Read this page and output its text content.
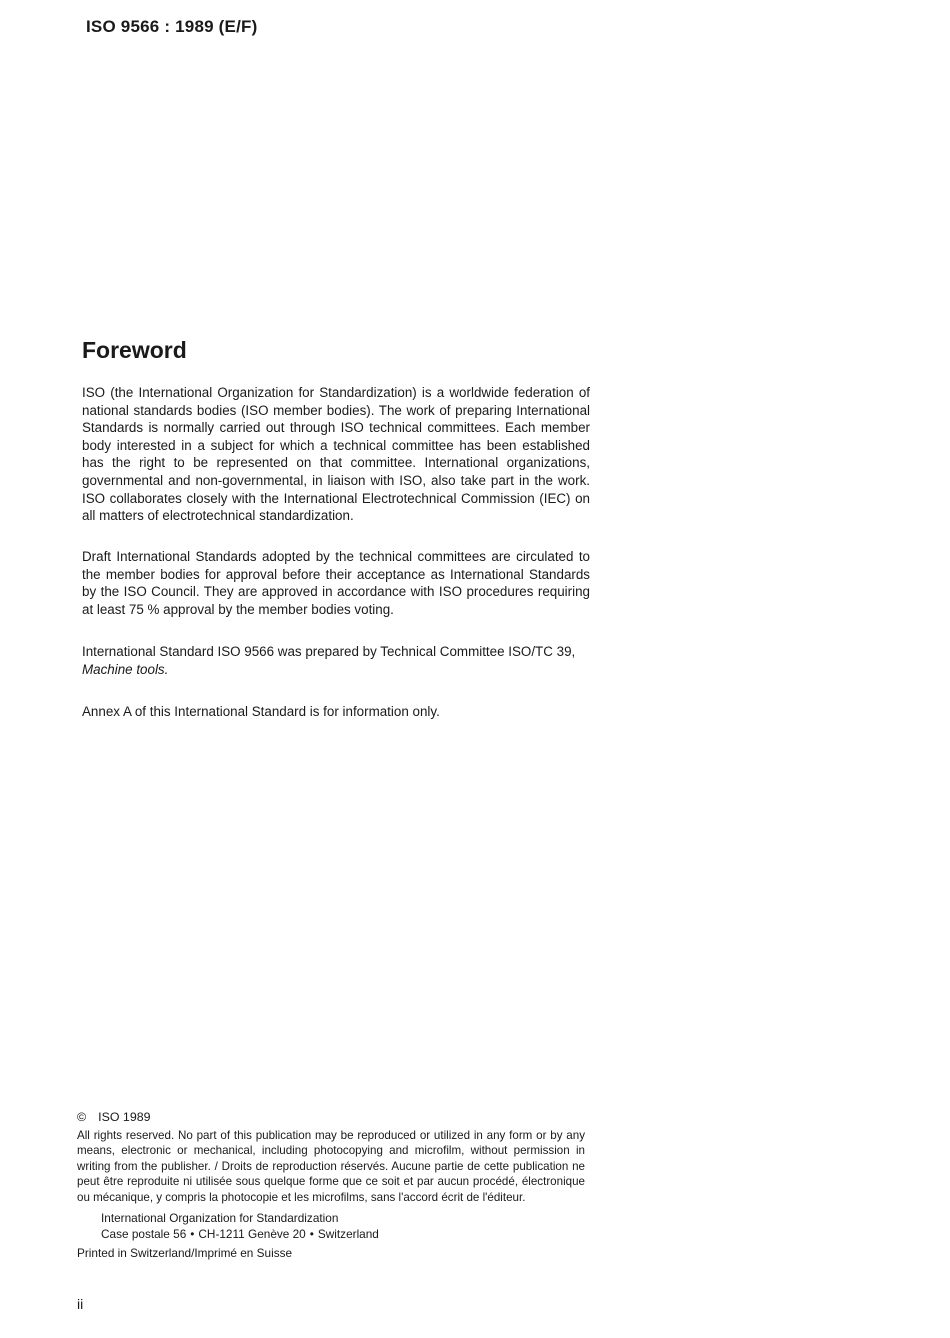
ISO 9566 : 1989 (E/F)
Foreword

ISO (the International Organization for Standardization) is a worldwide federation of national standards bodies (ISO member bodies). The work of preparing International Standards is normally carried out through ISO technical committees. Each member body interested in a subject for which a technical committee has been established has the right to be represented on that committee. International organizations, governmental and non-governmental, in liaison with ISO, also take part in the work. ISO collaborates closely with the International Electrotechnical Commission (IEC) on all matters of electrotechnical standardization.

Draft International Standards adopted by the technical committees are circulated to the member bodies for approval before their acceptance as International Standards by the ISO Council. They are approved in accordance with ISO procedures requiring at least 75 % approval by the member bodies voting.

International Standard ISO 9566 was prepared by Technical Committee ISO/TC 39,
Machine tools.

Annex A of this International Standard is for information only.

© ISO 1989

All rights reserved. No part of this publication may be reproduced or utilized in any form or by any means, electronic or mechanical, including photocopying and microfilm, without permission in writing from the publisher. / Droits de reproduction réservés. Aucune partie de cette publication ne peut être reproduite ni utilisée sous quelque forme que ce soit et par aucun procédé, électronique ou mécanique, y compris la photocopie et les microfilms, sans l'accord écrit de l'éditeur.

International Organization for Standardization
Case postale 56 • CH-1211 Genève 20 • Switzerland
Printed in Switzerland/Imprimé en Suisse
ii
